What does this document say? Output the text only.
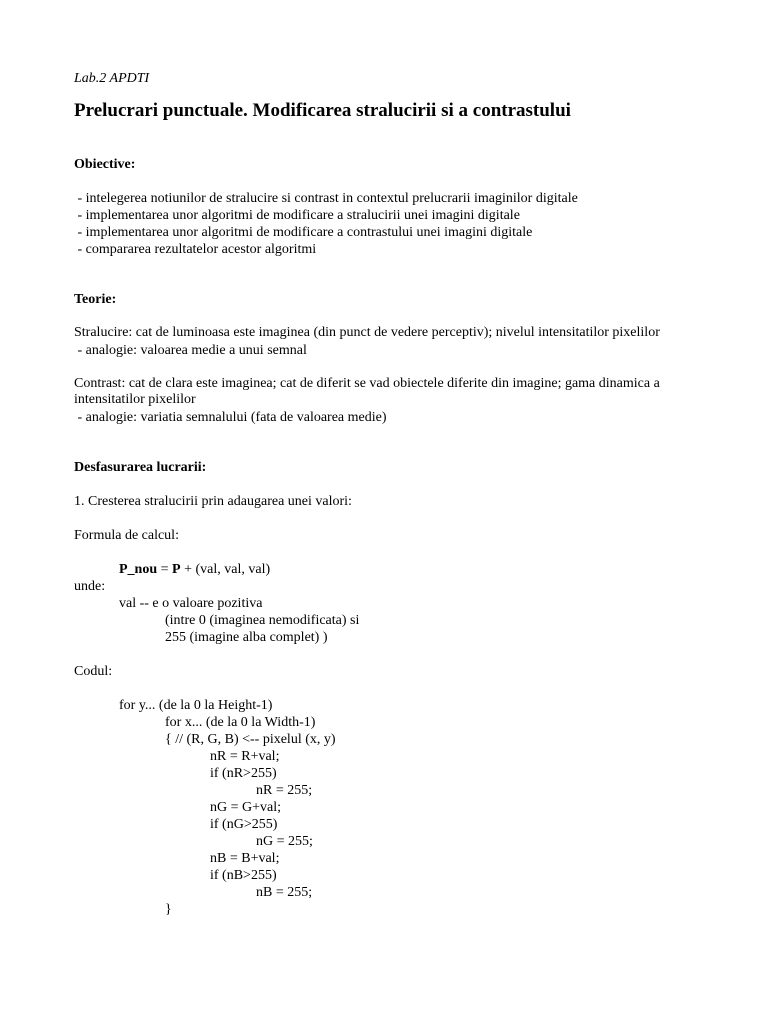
Lab.2 APDTI
Prelucrari punctuale. Modificarea stralucirii si a contrastului
Obiective:
- intelegerea notiunilor de stralucire si contrast in contextul prelucrarii imaginilor digitale
- implementarea unor algoritmi de modificare a stralucirii unei imagini digitale
- implementarea unor algoritmi de modificare a contrastului unei imagini digitale
- compararea rezultatelor acestor algoritmi
Teorie:
Stralucire: cat de luminoasa este imaginea (din punct de vedere perceptiv); nivelul intensitatilor pixelilor
- analogie: valoarea medie a unui semnal
Contrast: cat de clara este imaginea; cat de diferit se vad obiectele diferite din imagine; gama dinamica a intensitatilor pixelilor
- analogie: variatia semnalului (fata de valoarea medie)
Desfasurarea lucrarii:
1. Cresterea stralucirii prin adaugarea unei valori:
Formula de calcul:
P_nou = P + (val, val, val)
unde:
val -- e o valoare pozitiva
(intre 0 (imaginea nemodificata) si
255 (imagine alba complet) )
Codul:
for y... (de la 0 la Height-1)
for x... (de la 0 la Width-1)
{ // (R, G, B) <-- pixelul (x, y)
nR = R+val;
if (nR>255)
nR = 255;
nG = G+val;
if (nG>255)
nG = 255;
nB = B+val;
if (nB>255)
nB = 255;
}
